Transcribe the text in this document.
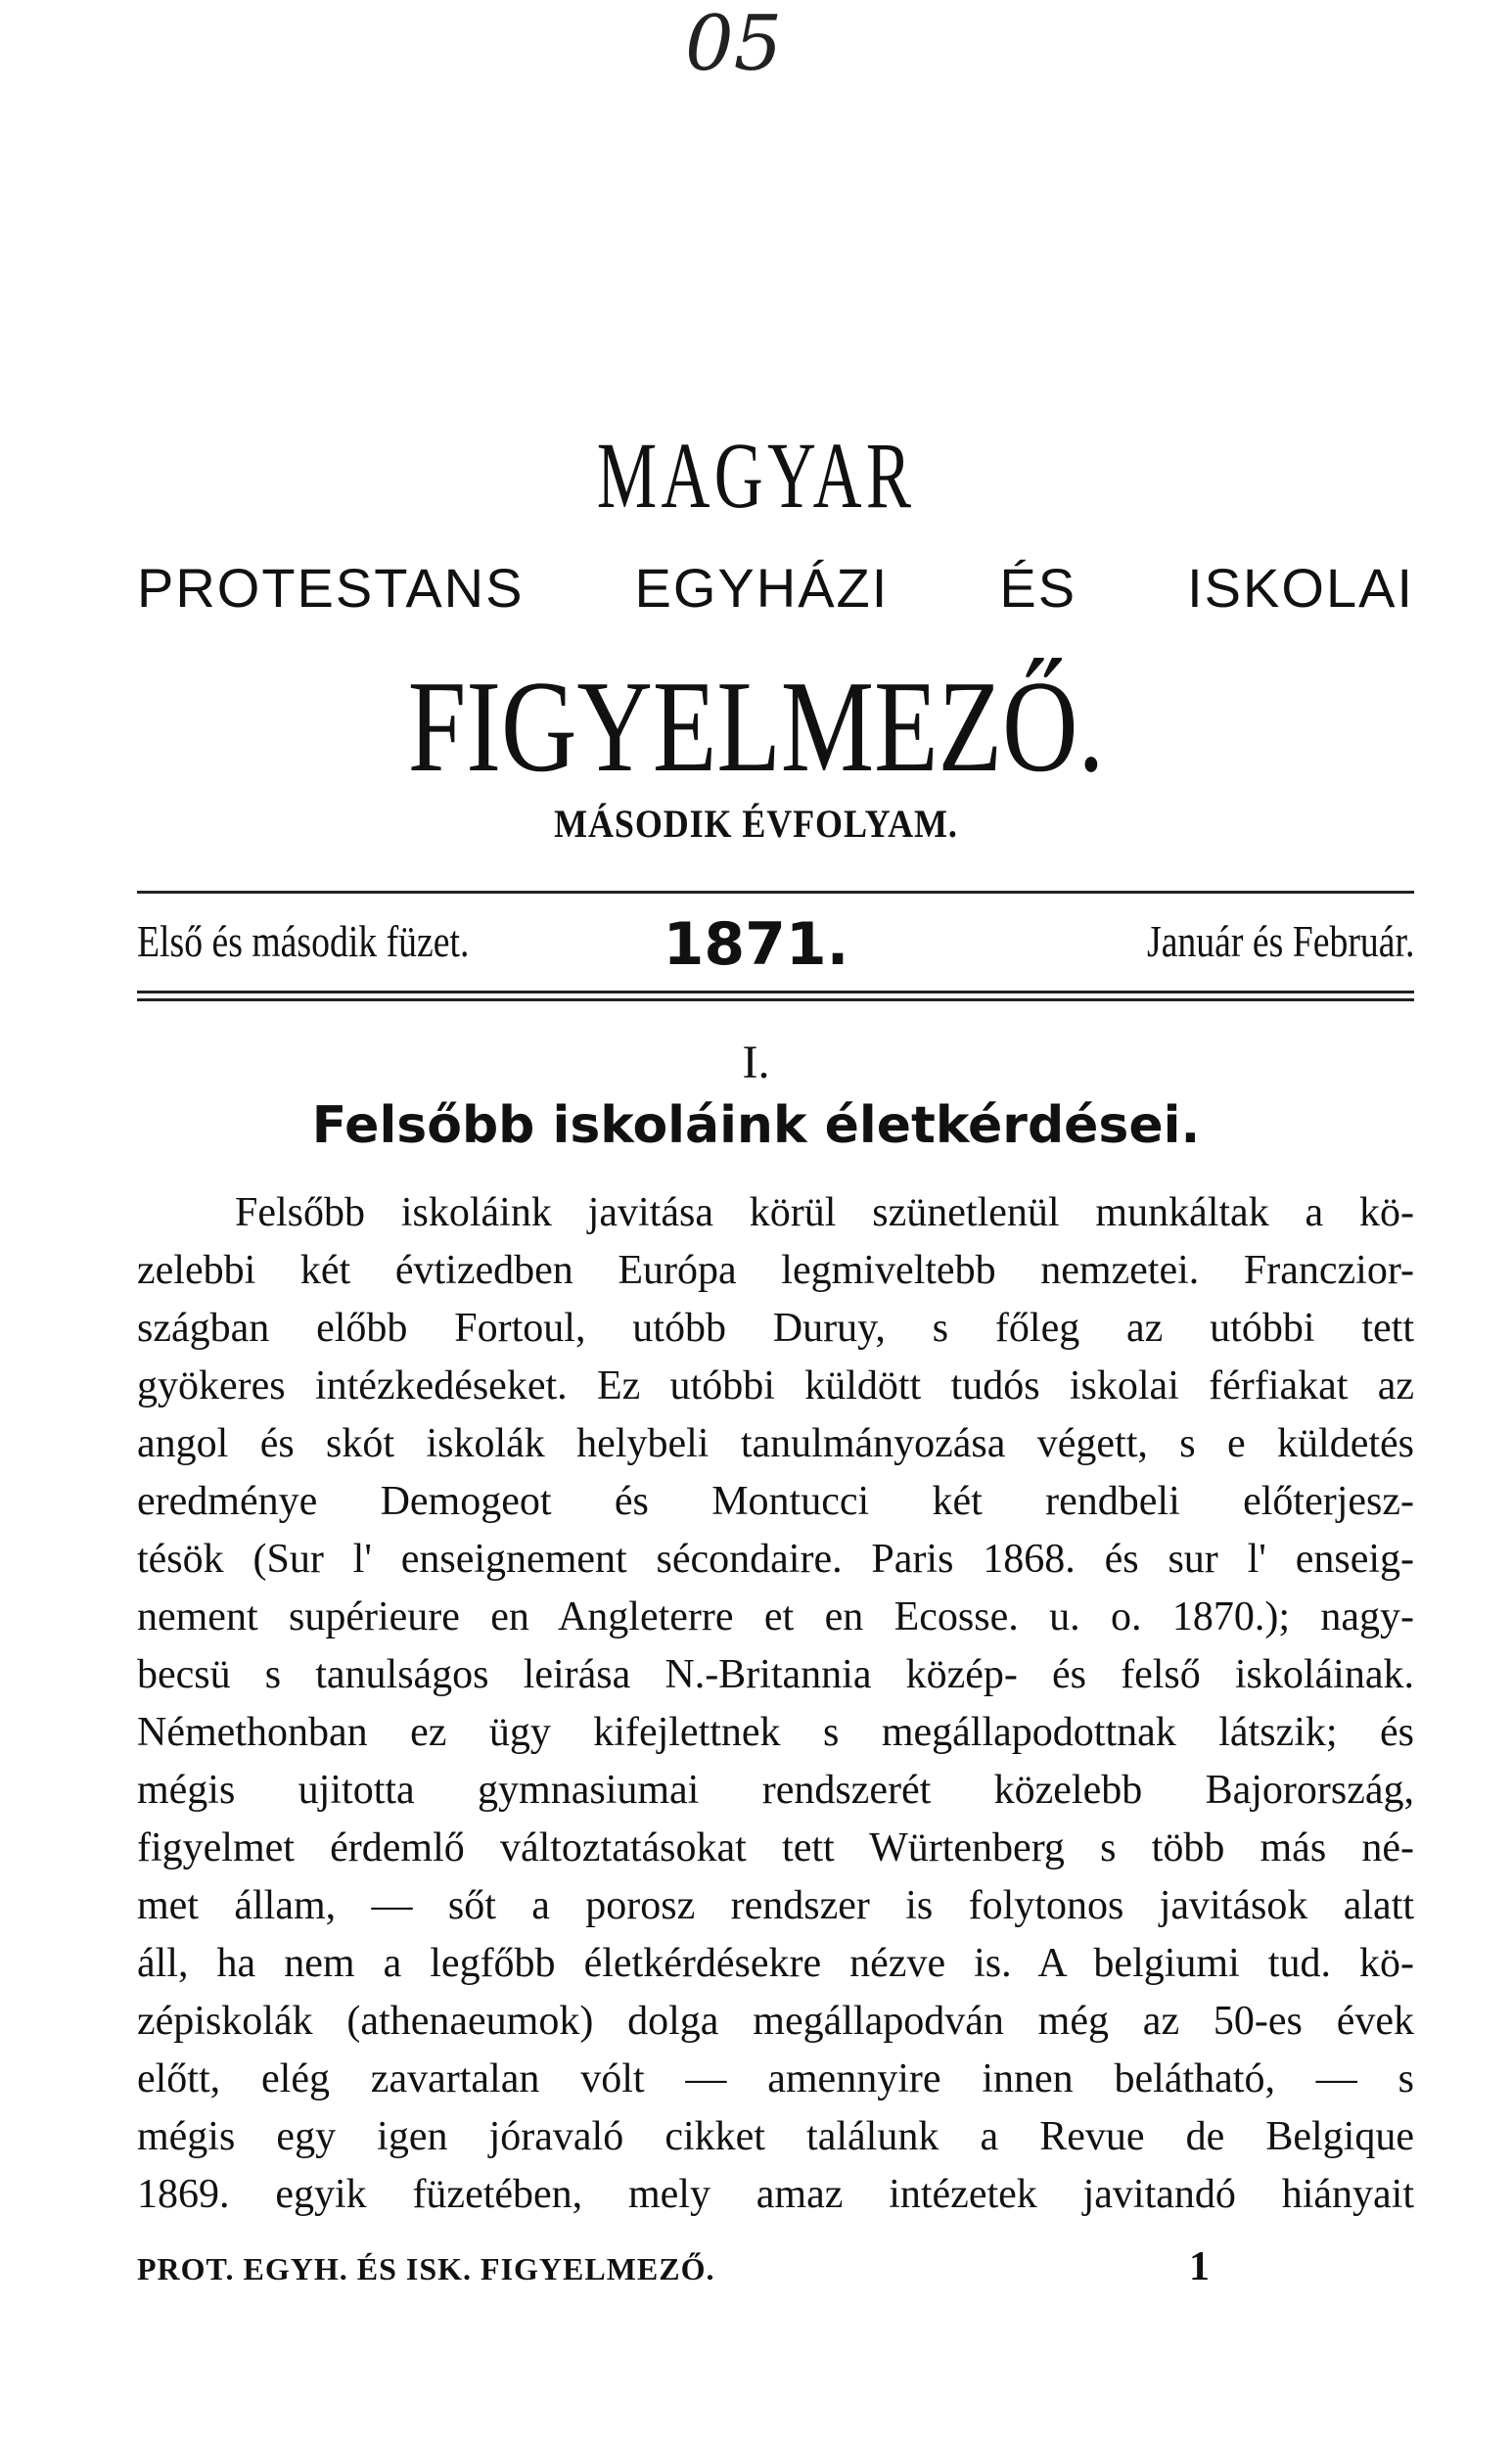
05
MAGYAR
PROTESTANS EGYHÁZI ÉS ISKOLAI
FIGYELMEZŐ.
MÁSODIK ÉVFOLYAM.
Első és második füzet.	1871.	Január és Február.
I.
Felsőbb iskoláink életkérdései.
Felsőbb iskoláink javitása körül szünetlenül munkáltak a kö-
zelebbi két évtizedben Európa legmiveltebb nemzetei. Franczior-
szágban előbb Fortoul, utóbb Duruy, s főleg az utóbbi tett
gyökeres intézkedéseket. Ez utóbbi küldött tudós iskolai férfiakat az
angol és skót iskolák helybeli tanulmányozása végett, s e küldetés
eredménye Demogeot és Montucci két rendbeli előterjesz-
tésök (Sur l' enseignement sécondaire. Paris 1868. és sur l' enseig-
nement supérieure en Angleterre et en Ecosse. u. o. 1870.); nagy-
becsü s tanulságos leirása N.-Britannia közép- és felső iskoláinak.
Némethonban ez ügy kifejlettnek s megállapodottnak látszik; és
mégis ujitotta gymnasiumai rendszerét közelebb Bajorország,
figyelmet érdemlő változtatásokat tett Würtenberg s több más né-
met állam, — sőt a porosz rendszer is folytonos javitások alatt
áll, ha nem a legfőbb életkérdésekre nézve is. A belgiumi tud. kö-
zépiskolák (athenaeumok) dolga megállapodván még az 50-es évek
előtt, elég zavartalan vólt — amennyire innen belátható, — s
mégis egy igen jóravaló cikket találunk a Revue de Belgique
1869. egyik füzetében, mely amaz intézetek javitandó hiányait
PROT. EGYH. ÉS ISK. FIGYELMEZŐ.	1
